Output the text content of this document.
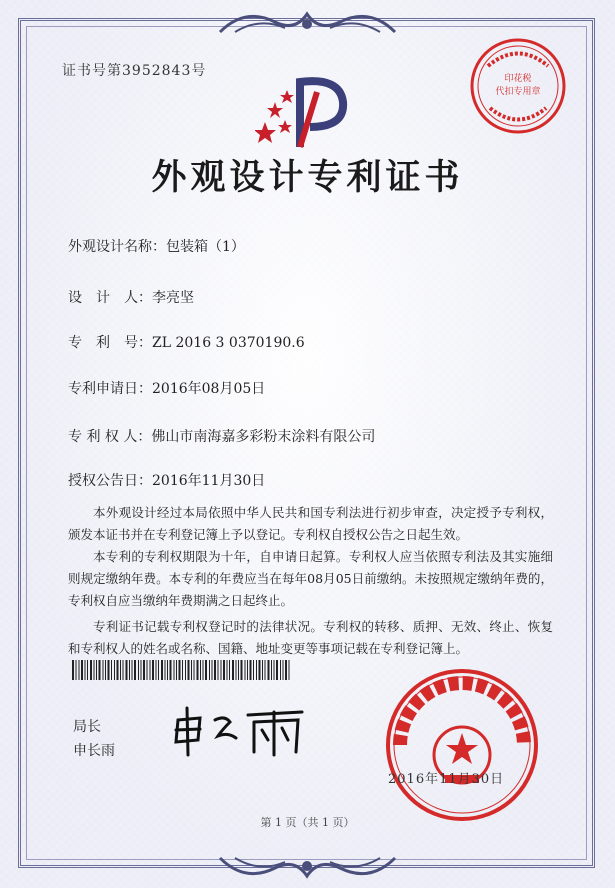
证书号第3952843号
外观设计专利证书
外观设计名称：包装箱（1）
设　计　人：李亮坚
专　利　号：ZL 2016 3 0370190.6
专利申请日：2016年08月05日
专 利 权 人：佛山市南海嘉多彩粉末涂料有限公司
授权公告日：2016年11月30日

本外观设计经过本局依照中华人民共和国专利法进行初步审查，决定授予专利权，颁发本证书并在专利登记簿上予以登记。专利权自授权公告之日起生效。

本专利的专利权期限为十年，自申请日起算。专利权人应当依照专利法及其实施细则规定缴纳年费。本专利的年费应当在每年08月05日前缴纳。未按照规定缴纳年费的，专利权自应当缴纳年费期满之日起终止。

专利证书记载专利权登记时的法律状况。专利权的转移、质押、无效、终止、恢复和专利权人的姓名或名称、国籍、地址变更等事项记载在专利登记簿上。

局长
申长雨
印花税
代扣专用章
2016年11月30日
第 1 页（共 1 页）
